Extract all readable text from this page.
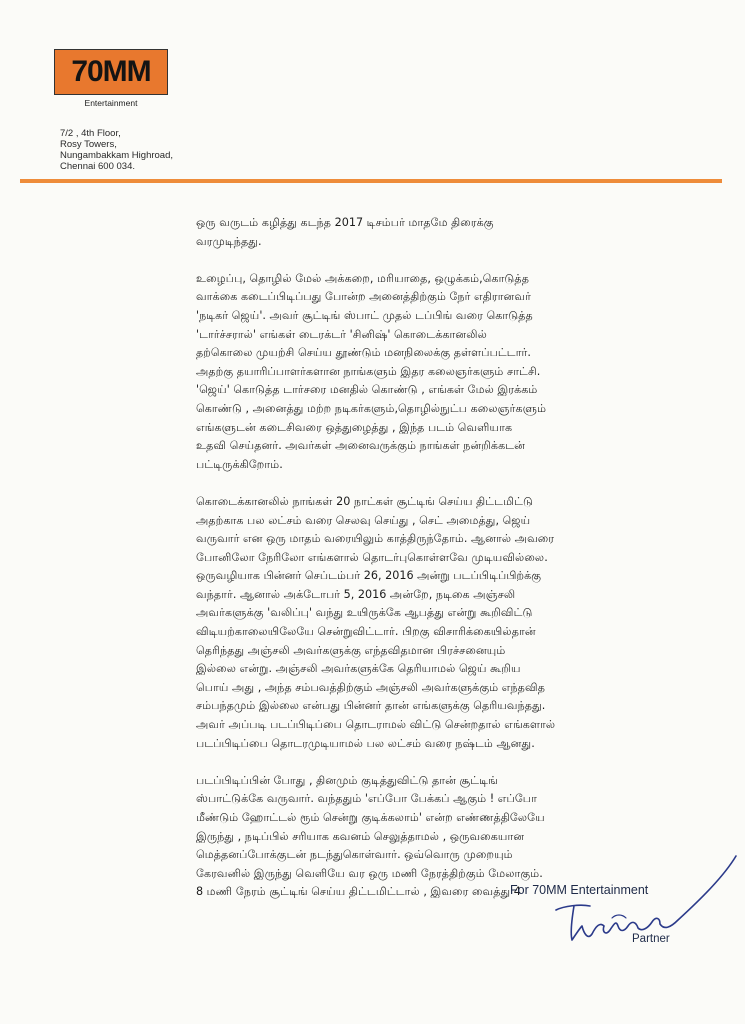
70MM
Entertainment
7/2 , 4th Floor,
Rosy Towers,
Nungambakkam Highroad,
Chennai 600 034.

ஒரு வருடம் கழித்து கடந்த 2017 டிசம்பர் மாதமே திரைக்கு
வரமுடிந்தது.

உழைப்பு, தொழில் மேல் அக்கறை, மரியாதை, ஒழுக்கம்,கொடுத்த
வாக்கை கடைப்பிடிப்பது போன்ற அனைத்திற்கும் நேர் எதிரானவர்
'நடிகர் ஜெய்'. அவர் சூட்டிங் ஸ்பாட் முதல் டப்பிங் வரை கொடுத்த
'டார்ச்சரால்' எங்கள் டைரக்டர் 'சினிஷ்' கொடைக்கானலில்
தற்கொலை முயற்சி செய்ய தூண்டும் மனநிலைக்கு தள்ளப்பட்டார்.
அதற்கு தயாரிப்பாளர்களான நாங்களும் இதர கலைஞர்களும் சாட்சி.
'ஜெய்' கொடுத்த டார்சரை மனதில் கொண்டு , எங்கள் மேல் இரக்கம்
கொண்டு , அனைத்து மற்ற நடிகர்களும்,தொழில்நுட்ப கலைஞர்களும்
எங்களுடன் கடைசிவரை ஒத்துழைத்து , இந்த படம் வெளியாக
உதவி செய்தனர். அவர்கள் அனைவருக்கும் நாங்கள் நன்றிக்கடன்
பட்டிருக்கிறோம்.

கொடைக்கானலில் நாங்கள் 20 நாட்கள் சூட்டிங் செய்ய திட்டமிட்டு
அதற்காக பல லட்சம் வரை செலவு செய்து , செட் அமைத்து, ஜெய்
வருவார் என ஒரு மாதம் வரையிலும் காத்திருந்தோம். ஆனால் அவரை
போனிலோ நேரிலோ எங்களால் தொடர்புகொள்ளவே முடியவில்லை.
ஒருவழியாக பின்னர் செப்டம்பர் 26, 2016 அன்று படப்பிடிப்பிற்க்கு
வந்தார். ஆனால் அக்டோபர் 5, 2016 அன்றே, நடிகை அஞ்சலி
அவர்களுக்கு 'வலிப்பு' வந்து உயிருக்கே ஆபத்து என்று கூறிவிட்டு
விடியற்காலையிலேயே சென்றுவிட்டார். பிறகு விசாரிக்கையில்தான்
தெரிந்தது அஞ்சலி அவர்களுக்கு எந்தவிதமான பிரச்சனையும்
இல்லை என்று. அஞ்சலி அவர்களுக்கே தெரியாமல் ஜெய் கூறிய
பொய் அது , அந்த சம்பவத்திற்கும் அஞ்சலி அவர்களுக்கும் எந்தவித
சம்பந்தமும் இல்லை என்பது பின்னர் தான் எங்களுக்கு தெரியவந்தது.
அவர் அப்படி படப்பிடிப்பை தொடராமல் விட்டு சென்றதால் எங்களால்
படப்பிடிப்பை தொடரமுடியாமல் பல லட்சம் வரை நஷ்டம் ஆனது.

படப்பிடிப்பின் போது , தினமும் குடித்துவிட்டு தான் சூட்டிங்
ஸ்பாட்டுக்கே வருவார். வந்ததும் 'எப்போ பேக்கப் ஆகும் ! எப்போ
மீண்டும் ஹோட்டல் ரூம் சென்று குடிக்கலாம்' என்ற எண்ணத்திலேயே
இருந்து , நடிப்பில் சரியாக கவனம் செலுத்தாமல் , ஒருவகையான
மெத்தனப்போக்குடன் நடந்துகொள்வார். ஒவ்வொரு முறையும்
கேரவனில் இருந்து வெளியே வர ஒரு மணி நேரத்திற்கும் மேலாகும்.
8 மணி நேரம் சூட்டிங் செய்ய திட்டமிட்டால் , இவரை வைத்து 4

For 70MM Entertainment
Partner
